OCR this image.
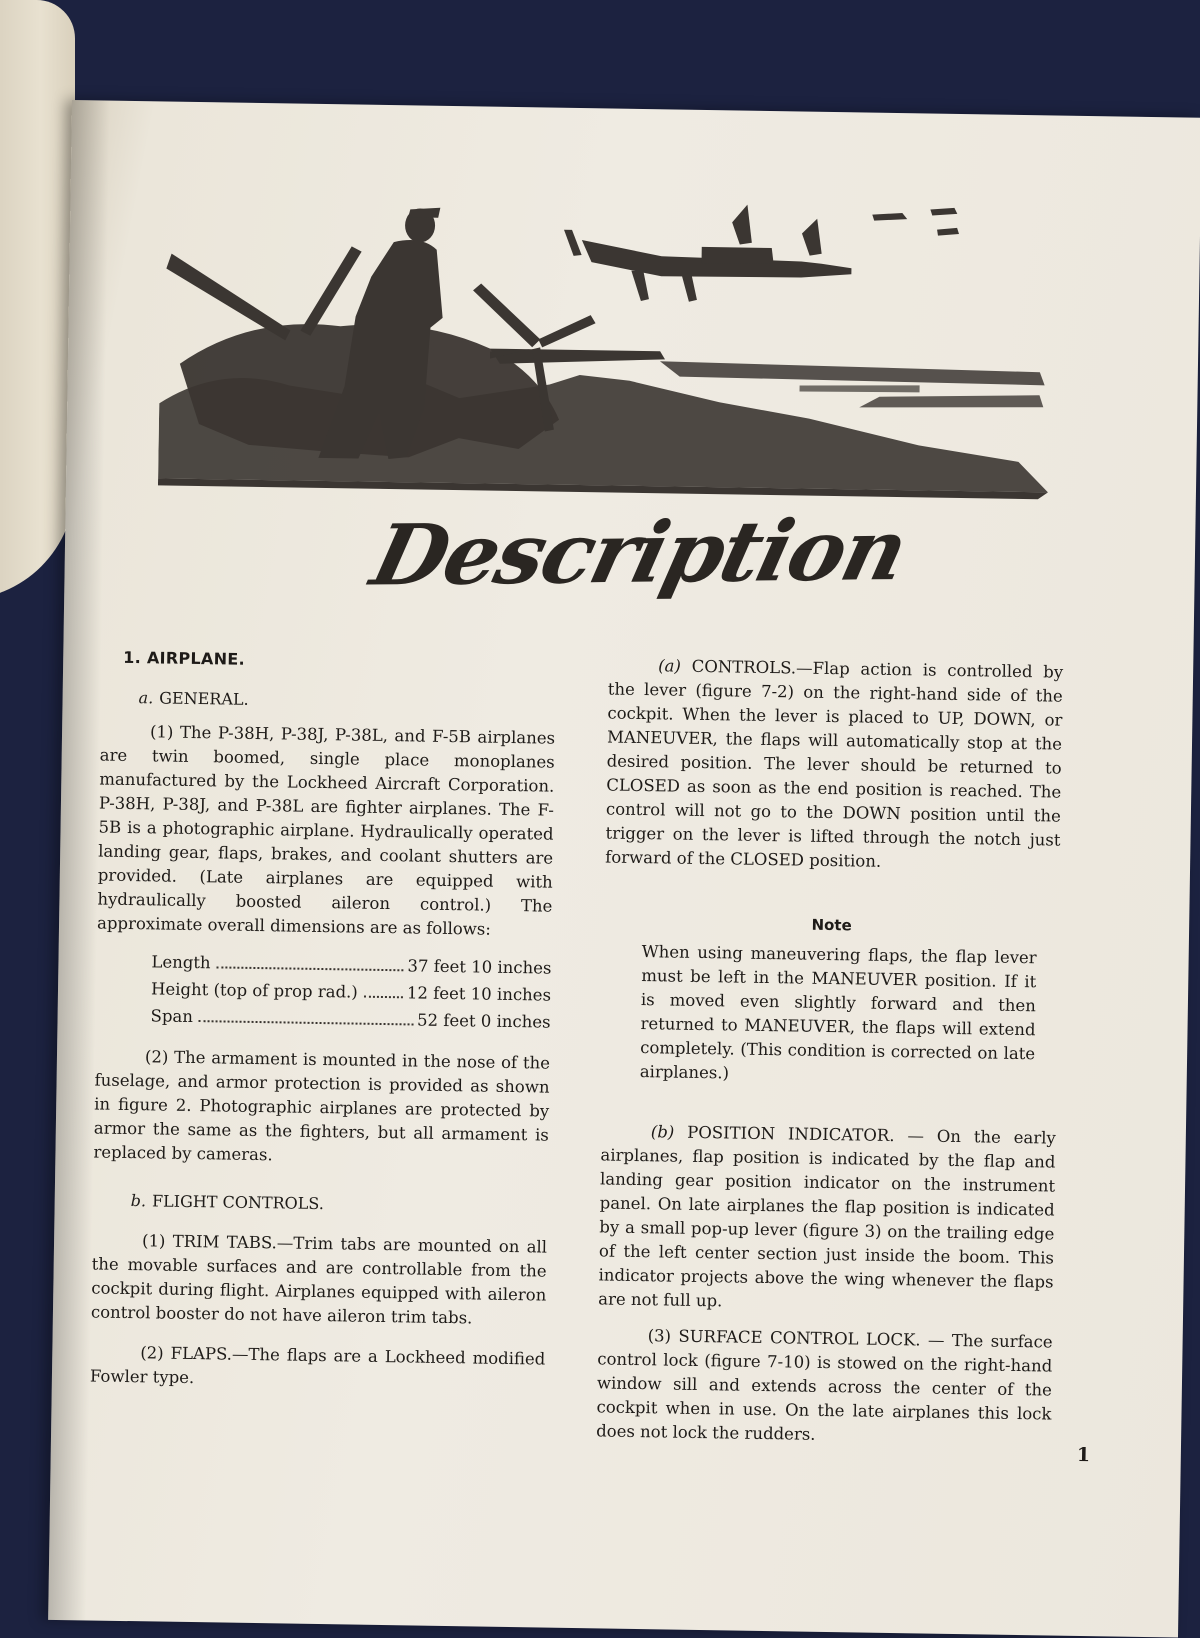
Description
1. AIRPLANE.
a. GENERAL.

(1) The P-38H, P-38J, P-38L, and F-5B airplanes are twin boomed, single place monoplanes manufactured by the Lockheed Aircraft Corporation. P-38H, P-38J, and P-38L are fighter airplanes. The F-5B is a photographic airplane. Hydraulically operated landing gear, flaps, brakes, and coolant shutters are provided. (Late airplanes are equipped with hydraulically boosted aileron control.) The approximate overall dimensions are as follows:

Length	37 feet 10 inches
Height (top of prop rad.)	12 feet 10 inches
Span	52 feet 0 inches

(2) The armament is mounted in the nose of the fuselage, and armor protection is provided as shown in figure 2. Photographic airplanes are protected by armor the same as the fighters, but all armament is replaced by cameras.

b. FLIGHT CONTROLS.

(1) TRIM TABS.—Trim tabs are mounted on all the movable surfaces and are controllable from the cockpit during flight. Airplanes equipped with aileron control booster do not have aileron trim tabs.

(2) FLAPS.—The flaps are a Lockheed modified Fowler type.

(a) CONTROLS.—Flap action is controlled by the lever (figure 7-2) on the right-hand side of the cockpit. When the lever is placed to UP, DOWN, or MANEUVER, the flaps will automatically stop at the desired position. The lever should be returned to CLOSED as soon as the end position is reached. The control will not go to the DOWN position until the trigger on the lever is lifted through the notch just forward of the CLOSED position.

Note

When using maneuvering flaps, the flap lever must be left in the MANEUVER position. If it is moved even slightly forward and then returned to MANEUVER, the flaps will extend completely. (This condition is corrected on late airplanes.)

(b) POSITION INDICATOR. — On the early airplanes, flap position is indicated by the flap and landing gear position indicator on the instrument panel. On late airplanes the flap position is indicated by a small pop-up lever (figure 3) on the trailing edge of the left center section just inside the boom. This indicator projects above the wing whenever the flaps are not full up.

(3) SURFACE CONTROL LOCK. — The surface control lock (figure 7-10) is stowed on the right-hand window sill and extends across the center of the cockpit when in use. On the late airplanes this lock does not lock the rudders.

1
